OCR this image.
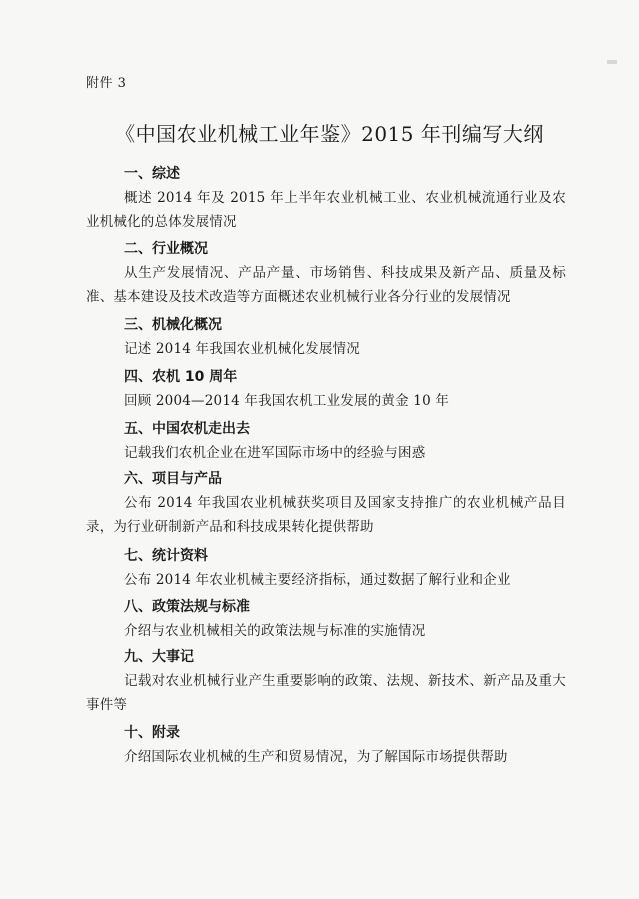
附件 3
《中国农业机械工业年鉴》2015 年刊编写大纲
一、综述
概述 2014 年及 2015 年上半年农业机械工业、农业机械流通行业及农业机械化的总体发展情况
二、行业概况
从生产发展情况、产品产量、市场销售、科技成果及新产品、质量及标准、基本建设及技术改造等方面概述农业机械行业各分行业的发展情况
三、机械化概况
记述 2014 年我国农业机械化发展情况
四、农机 10 周年
回顾 2004—2014 年我国农机工业发展的黄金 10 年
五、中国农机走出去
记载我们农机企业在进军国际市场中的经验与困惑
六、项目与产品
公布 2014 年我国农业机械获奖项目及国家支持推广的农业机械产品目录，为行业研制新产品和科技成果转化提供帮助
七、统计资料
公布 2014 年农业机械主要经济指标，通过数据了解行业和企业
八、政策法规与标准
介绍与农业机械相关的政策法规与标准的实施情况
九、大事记
记载对农业机械行业产生重要影响的政策、法规、新技术、新产品及重大事件等
十、附录
介绍国际农业机械的生产和贸易情况，为了解国际市场提供帮助
